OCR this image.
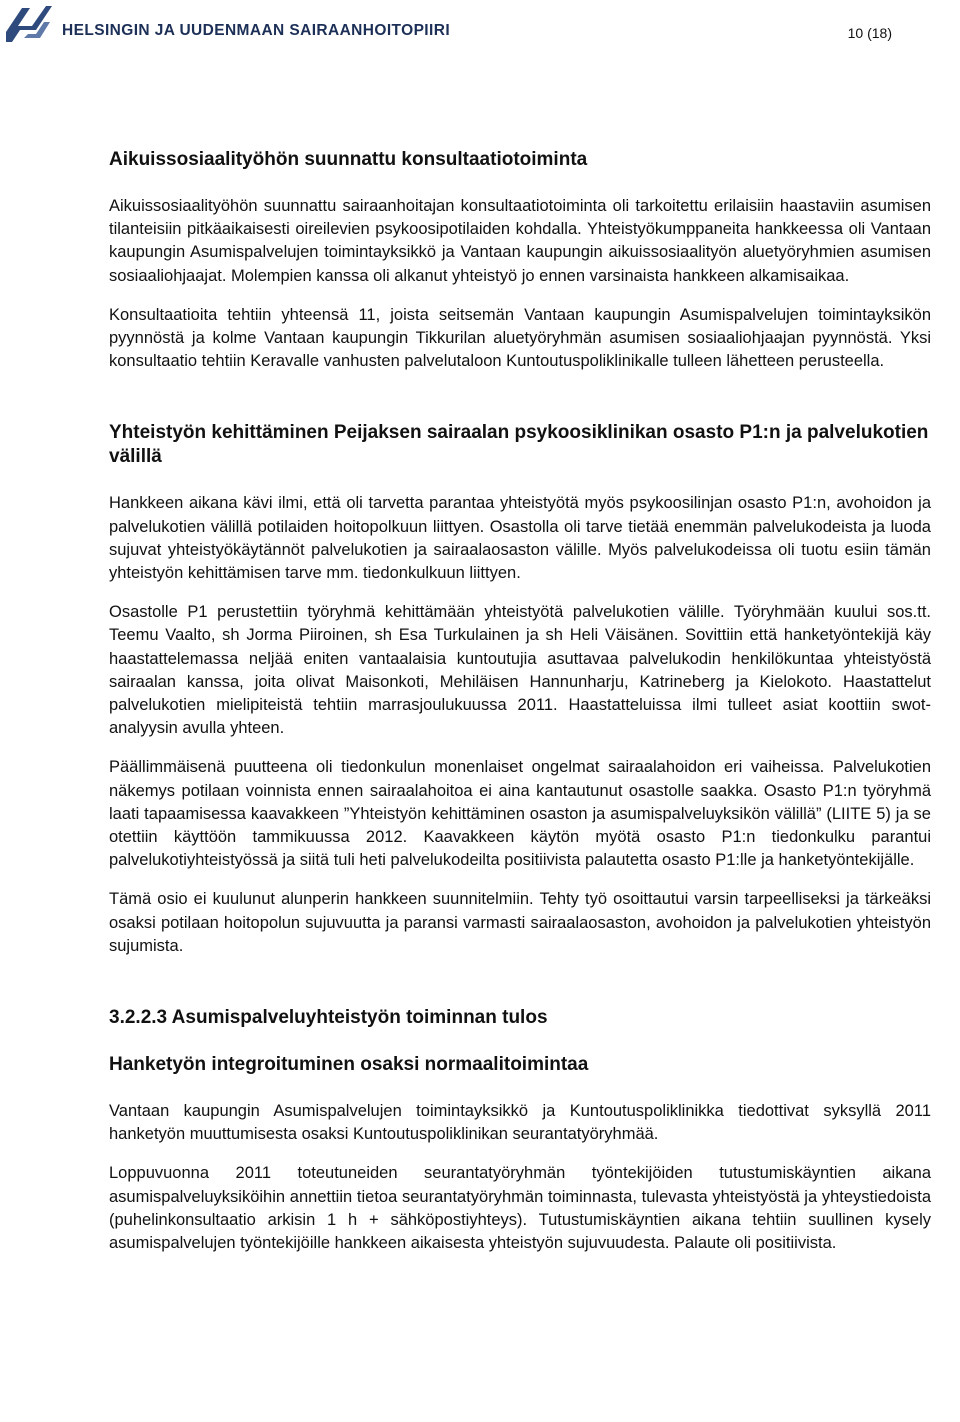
HELSINGIN JA UUDENMAAN SAIRAANHOITOPIIRI	10 (18)
Aikuissosiaalityöhön suunnattu konsultaatiotoiminta

Aikuissosiaalityöhön suunnattu sairaanhoitajan konsultaatiotoiminta oli tarkoitettu erilaisiin haastaviin asumisen tilanteisiin pitkäaikaisesti oireilevien psykoosipotilaiden kohdalla. Yhteistyökumppaneita hankkeessa oli Vantaan kaupungin Asumispalvelujen toimintayksikkö ja Vantaan kaupungin aikuissosiaalityön aluetyöryhmien asumisen sosiaaliohjaajat. Molempien kanssa oli alkanut yhteistyö jo ennen varsinaista hankkeen alkamisaikaa.

Konsultaatioita tehtiin yhteensä 11, joista seitsemän Vantaan kaupungin Asumispalvelujen toimintayksikön pyynnöstä ja kolme Vantaan kaupungin Tikkurilan aluetyöryhmän asumisen sosiaaliohjaajan pyynnöstä. Yksi konsultaatio tehtiin Keravalle vanhusten palvelutaloon Kuntoutuspoliklinikalle tulleen lähetteen perusteella.

Yhteistyön kehittäminen Peijaksen sairaalan psykoosiklinikan osasto P1:n ja palvelukotien välillä

Hankkeen aikana kävi ilmi, että oli tarvetta parantaa yhteistyötä myös psykoosilinjan osasto P1:n, avohoidon ja palvelukotien välillä potilaiden hoitopolkuun liittyen. Osastolla oli tarve tietää enemmän palvelukodeista ja luoda sujuvat yhteistyökäytännöt palvelukotien ja sairaalaosaston välille. Myös palvelukodeissa oli tuotu esiin tämän yhteistyön kehittämisen tarve mm. tiedonkulkuun liittyen.

Osastolle P1 perustettiin työryhmä kehittämään yhteistyötä palvelukotien välille. Työryhmään kuului sos.tt. Teemu Vaalto, sh Jorma Piiroinen, sh Esa Turkulainen ja sh Heli Väisänen. Sovittiin että hanketyöntekijä käy haastattelemassa neljää eniten vantaalaisia kuntoutujia asuttavaa palvelukodin henkilökuntaa yhteistyöstä sairaalan kanssa, joita olivat Maisonkoti, Mehiläisen Hannunharju, Katrineberg ja Kielokoto. Haastattelut palvelukotien mielipiteistä tehtiin marrasjoulukuussa 2011. Haastatteluissa ilmi tulleet asiat koottiin swot- analyysin avulla yhteen.

Päällimmäisenä puutteena oli tiedonkulun monenlaiset ongelmat sairaalahoidon eri vaiheissa. Palvelukotien näkemys potilaan voinnista ennen sairaalahoitoa ei aina kantautunut osastolle saakka. Osasto P1:n työryhmä laati tapaamisessa kaavakkeen ”Yhteistyön kehittäminen osaston ja asumispalveluyksikön välillä” (LIITE 5) ja se otettiin käyttöön tammikuussa 2012. Kaavakkeen käytön myötä osasto P1:n tiedonkulku parantui palvelukotiyhteistyössä ja siitä tuli heti palvelukodeilta positiivista palautetta osasto P1:lle ja hanketyöntekijälle.

Tämä osio ei kuulunut alunperin hankkeen suunnitelmiin. Tehty työ osoittautui varsin tarpeelliseksi ja tärkeäksi osaksi potilaan hoitopolun sujuvuutta ja paransi varmasti sairaalaosaston, avohoidon ja palvelukotien yhteistyön sujumista.

3.2.2.3 Asumispalveluyhteistyön toiminnan tulos
Hanketyön integroituminen osaksi normaalitoimintaa

Vantaan kaupungin Asumispalvelujen toimintayksikkö ja Kuntoutuspoliklinikka tiedottivat syksyllä 2011 hanketyön muuttumisesta osaksi Kuntoutuspoliklinikan seurantatyöryhmää.

Loppuvuonna 2011 toteutuneiden seurantatyöryhmän työntekijöiden tutustumiskäyntien aikana asumispalveluyksiköihin annettiin tietoa seurantatyöryhmän toiminnasta, tulevasta yhteistyöstä ja yhteystiedoista (puhelinkonsultaatio arkisin 1 h + sähköpostiyhteys). Tutustumiskäyntien aikana tehtiin suullinen kysely asumispalvelujen työntekijöille hankkeen aikaisesta yhteistyön sujuvuudesta. Palaute oli positiivista.
